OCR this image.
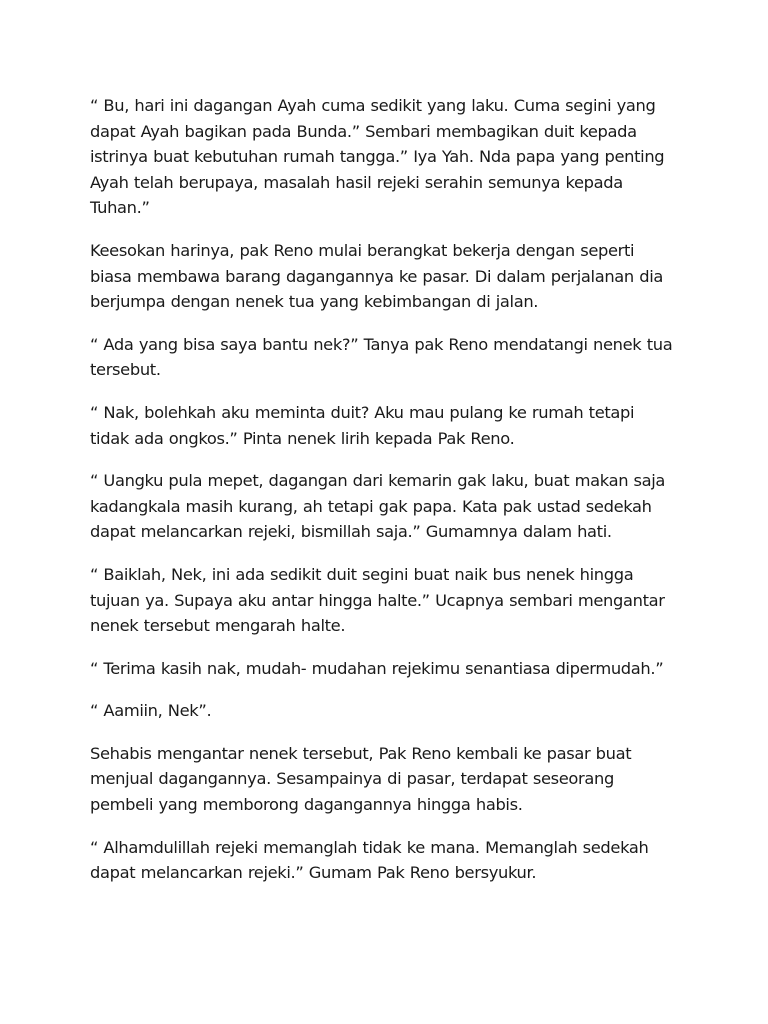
“ Bu, hari ini dagangan Ayah cuma sedikit yang laku. Cuma segini yang
dapat Ayah bagikan pada Bunda.” Sembari membagikan duit kepada
istrinya buat kebutuhan rumah tangga.” Iya Yah. Nda papa yang penting
Ayah telah berupaya, masalah hasil rejeki serahin semunya kepada
Tuhan.”

Keesokan harinya, pak Reno mulai berangkat bekerja dengan seperti
biasa membawa barang dagangannya ke pasar. Di dalam perjalanan dia
berjumpa dengan nenek tua yang kebimbangan di jalan.

“ Ada yang bisa saya bantu nek?” Tanya pak Reno mendatangi nenek tua
tersebut.

“ Nak, bolehkah aku meminta duit? Aku mau pulang ke rumah tetapi
tidak ada ongkos.” Pinta nenek lirih kepada Pak Reno.

“ Uangku pula mepet, dagangan dari kemarin gak laku, buat makan saja
kadangkala masih kurang, ah tetapi gak papa. Kata pak ustad sedekah
dapat melancarkan rejeki, bismillah saja.” Gumamnya dalam hati.

“ Baiklah, Nek, ini ada sedikit duit segini buat naik bus nenek hingga
tujuan ya. Supaya aku antar hingga halte.” Ucapnya sembari mengantar
nenek tersebut mengarah halte.

“ Terima kasih nak, mudah- mudahan rejekimu senantiasa dipermudah.”

“ Aamiin, Nek”.

Sehabis mengantar nenek tersebut, Pak Reno kembali ke pasar buat
menjual dagangannya. Sesampainya di pasar, terdapat seseorang
pembeli yang memborong dagangannya hingga habis.

“ Alhamdulillah rejeki memanglah tidak ke mana. Memanglah sedekah
dapat melancarkan rejeki.” Gumam Pak Reno bersyukur.
